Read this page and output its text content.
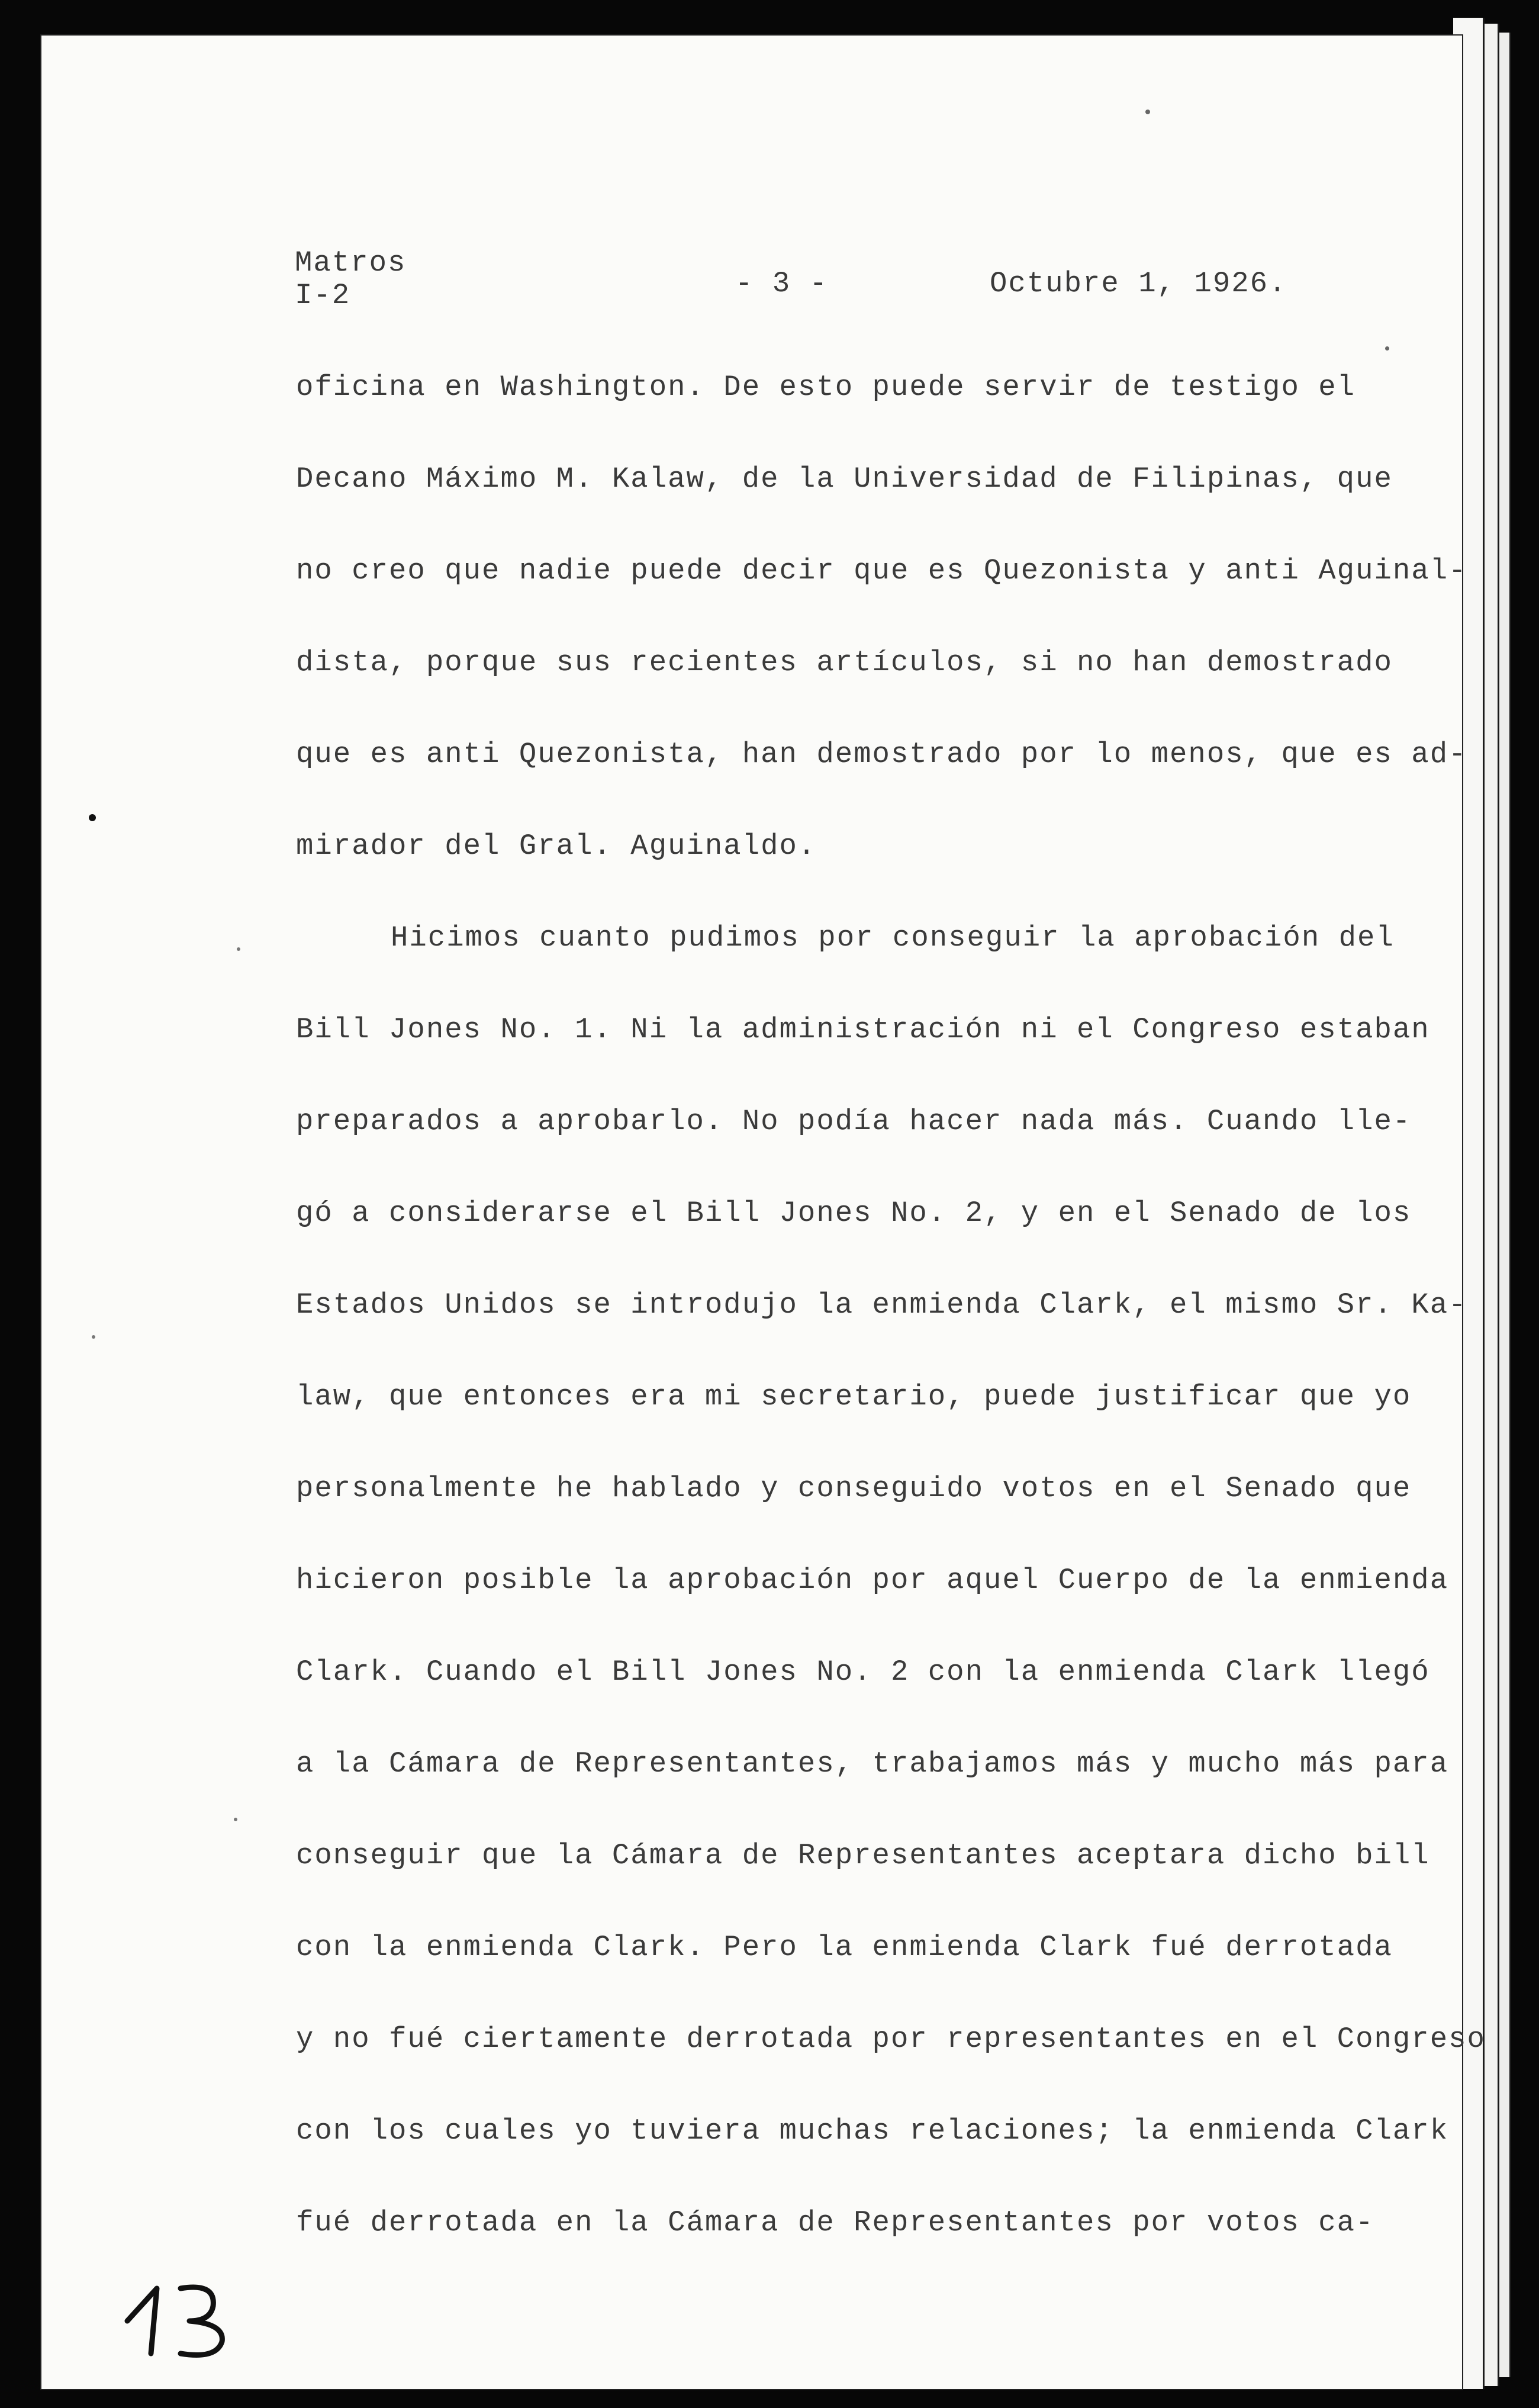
Matros
I-2	- 3 -	Octubre 1, 1926.
oficina en Washington. De esto puede servir de testigo el
Decano Máximo M. Kalaw, de la Universidad de Filipinas, que
no creo que nadie puede decir que es Quezonista y anti Aguinal-
dista, porque sus recientes artículos, si no han demostrado
que es anti Quezonista, han demostrado por lo menos, que es ad-
mirador del Gral. Aguinaldo.
Hicimos cuanto pudimos por conseguir la aprobación del
Bill Jones No. 1. Ni la administración ni el Congreso estaban
preparados a aprobarlo. No podía hacer nada más. Cuando lle-
gó a considerarse el Bill Jones No. 2, y en el Senado de los
Estados Unidos se introdujo la enmienda Clark, el mismo Sr. Ka-
law, que entonces era mi secretario, puede justificar que yo
personalmente he hablado y conseguido votos en el Senado que
hicieron posible la aprobación por aquel Cuerpo de la enmienda
Clark. Cuando el Bill Jones No. 2 con la enmienda Clark llegó
a la Cámara de Representantes, trabajamos más y mucho más para
conseguir que la Cámara de Representantes aceptara dicho bill
con la enmienda Clark. Pero la enmienda Clark fué derrotada
y no fué ciertamente derrotada por representantes en el Congreso
con los cuales yo tuviera muchas relaciones; la enmienda Clark
fué derrotada en la Cámara de Representantes por votos ca-
